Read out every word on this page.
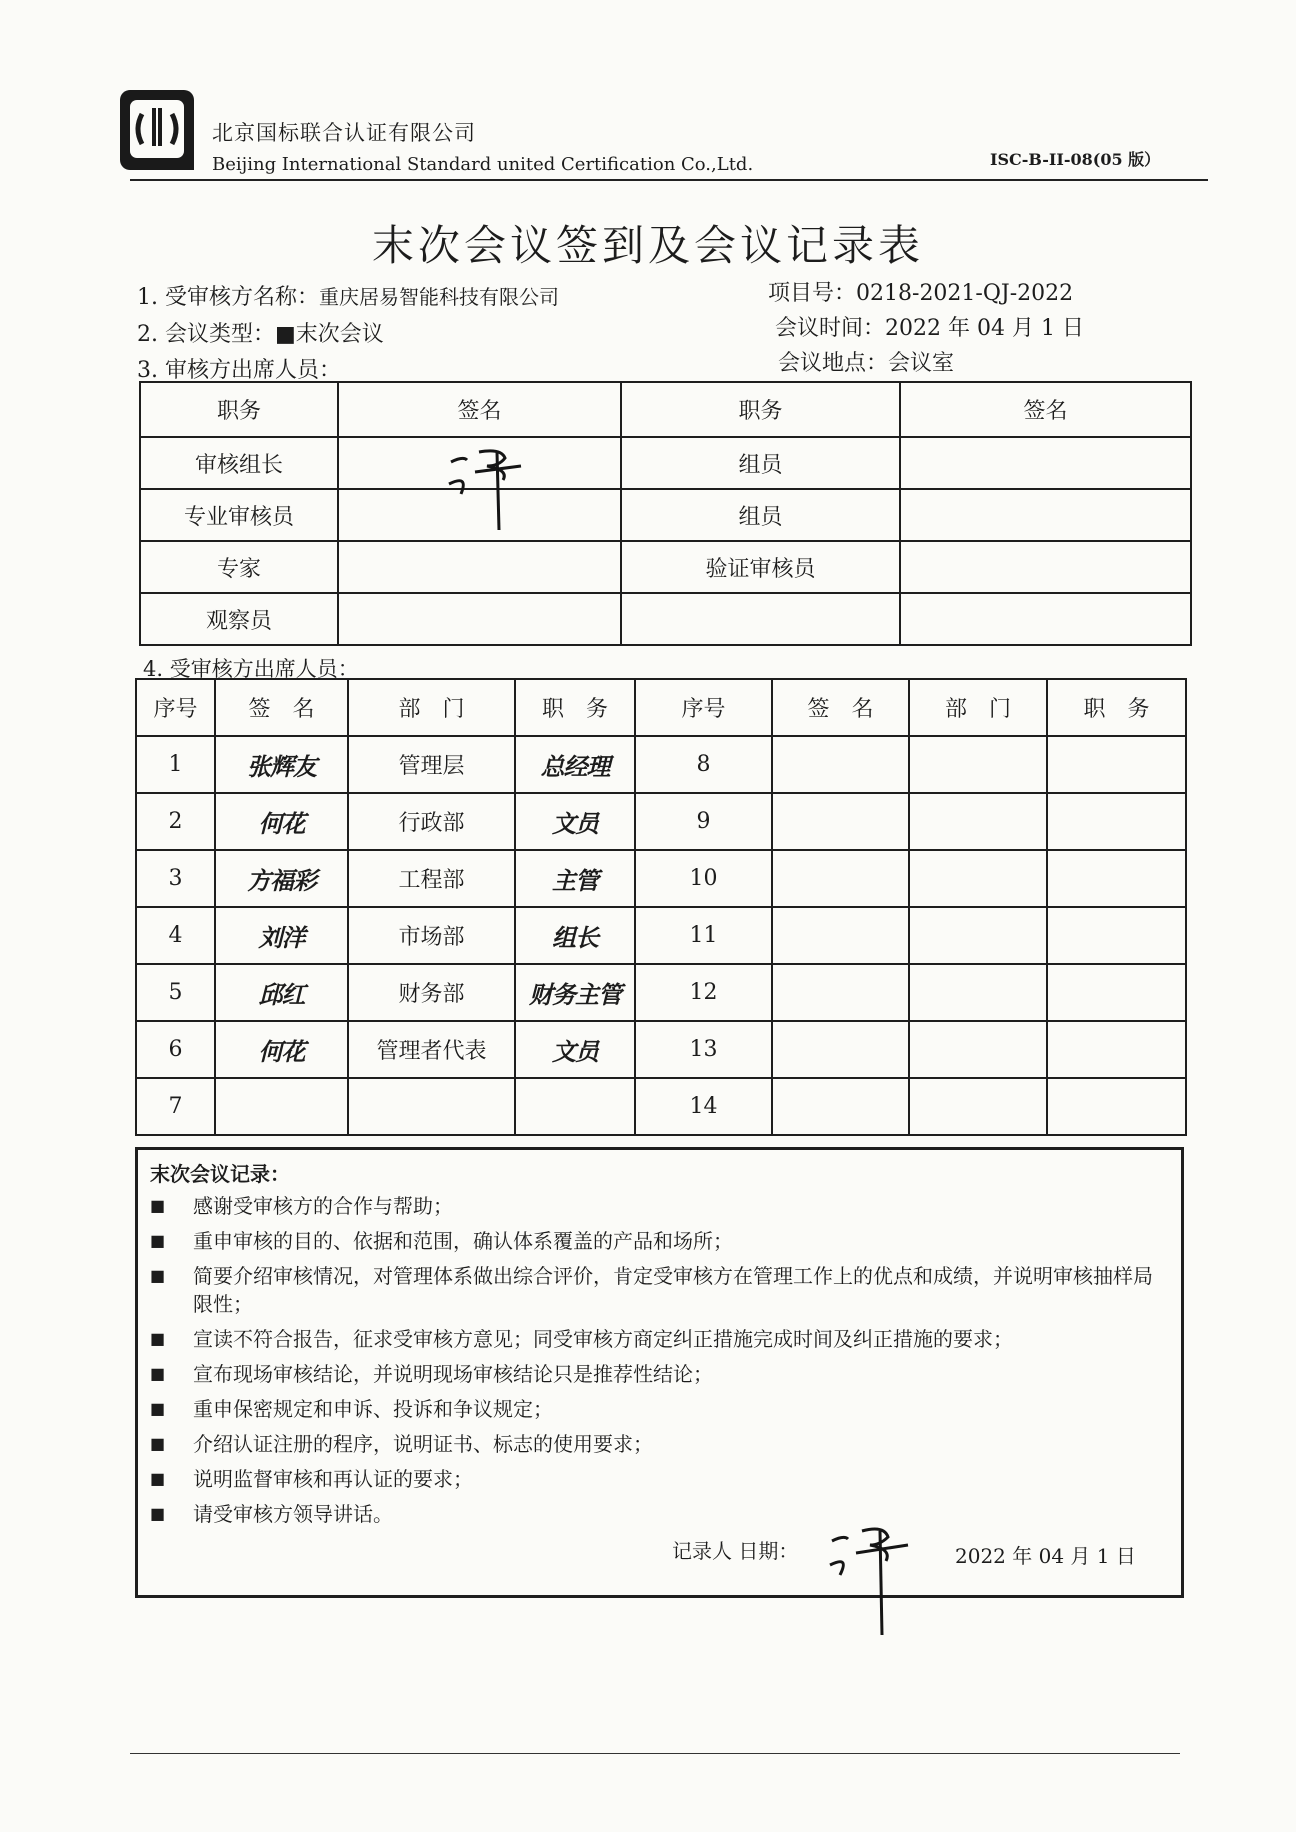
北京国标联合认证有限公司
Beijing International Standard united Certification Co.,Ltd.	ISC-B-II-08(05 版）
末次会议签到及会议记录表
1. 受审核方名称：重庆居易智能科技有限公司	项目号：0218-2021-QJ-2022
2. 会议类型：■末次会议	会议时间：2022 年 04 月 1 日
3. 审核方出席人员：	会议地点：会议室
职务	签名	职务	签名
审核组长		组员	
专业审核员		组员	
专家		验证审核员	
观察员			
4. 受审核方出席人员：
序号	签　名	部　门	职　务	序号	签　名	部　门	职　务
1	张辉友	管理层	总经理	8			
2	何花	行政部	文员	9			
3	方福彩	工程部	主管	10			
4	刘洋	市场部	组长	11			
5	邱红	财务部	财务主管	12			
6	何花	管理者代表	文员	13			
7				14			
末次会议记录：
■ 感谢受审核方的合作与帮助；
■ 重申审核的目的、依据和范围，确认体系覆盖的产品和场所；
■ 简要介绍审核情况，对管理体系做出综合评价，肯定受审核方在管理工作上的优点和成绩，并说明审核抽样局限性；
■ 宣读不符合报告，征求受审核方意见；同受审核方商定纠正措施完成时间及纠正措施的要求；
■ 宣布现场审核结论，并说明现场审核结论只是推荐性结论；
■ 重申保密规定和申诉、投诉和争议规定；
■ 介绍认证注册的程序，说明证书、标志的使用要求；
■ 说明监督审核和再认证的要求；
■ 请受审核方领导讲话。
记录人 日期：	2022 年 04 月 1 日
